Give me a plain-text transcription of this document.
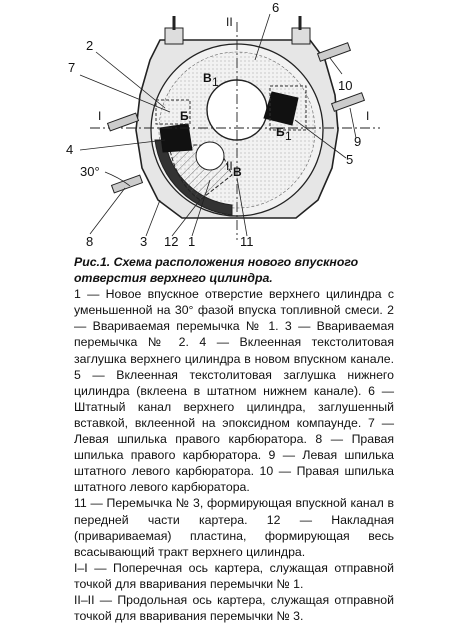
II
II
I	I
В 1
Б 1
Б
В
30°
6
2
7
10
9
5
4
8	3 12 1	11

Рис.1. Схема расположения нового впускного отверстия верхнего цилиндра.

1 — Новое впускное отверстие верхнего цилиндра с уменьшенной на 30° фазой впуска топливной смеси. 2 — Вваривaемая перемычка № 1. 3 — Вваривaемая перемычка № 2. 4 — Вклеенная текстолитовая заглушка верхнего цилиндра в новом впускном канале. 5 — Вклеенная текстолитовая заглушка нижнего цилиндра (вклеена в штатном нижнем канале). 6 — Штатный канал верхнего цилиндра, заглушенный вставкой, вклеенной на эпоксидном компаунде. 7 — Левая шпилька правого карбюратора. 8 — Правая шпилька правого карбюратора. 9 — Левая шпилька штатного левого карбюратора. 10 — Правая шпилька штатного левого карбюратора.

11 — Перемычка № 3, формирующая впускной канал в передней части картера. 12 — Накладная (привариваемая) пластина, формирующая весь всасывающий тракт верхнего цилиндра.

I–I — Поперечная ось картера, служащая отправной точкой для вваривания перемычки № 1.

II–II — Продольная ось картера, служащая отправной точкой для вваривания перемычки № 3.
